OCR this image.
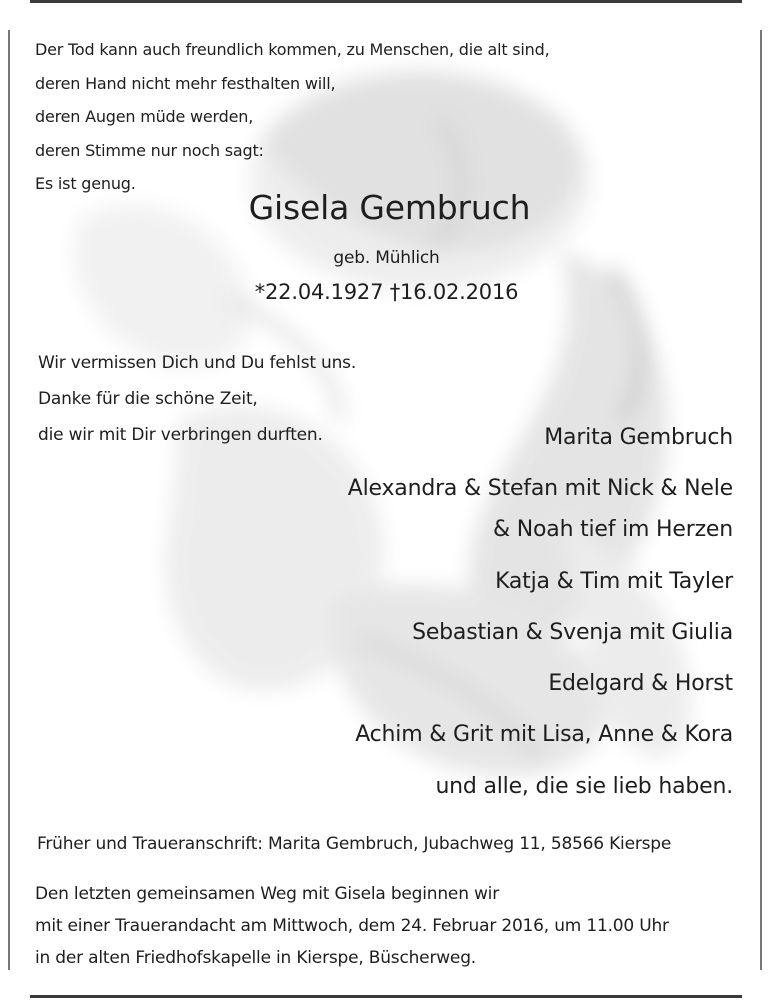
Der Tod kann auch freundlich kommen, zu Menschen, die alt sind,
deren Hand nicht mehr festhalten will,
deren Augen müde werden,
deren Stimme nur noch sagt:
Es ist genug.
Gisela Gembruch
geb. Mühlich
*22.04.1927 †16.02.2016
Wir vermissen Dich und Du fehlst uns.
Danke für die schöne Zeit,
die wir mit Dir verbringen durften.	Marita Gembruch
Alexandra & Stefan mit Nick & Nele
& Noah tief im Herzen
Katja & Tim mit Tayler
Sebastian & Svenja mit Giulia
Edelgard & Horst
Achim & Grit mit Lisa, Anne & Kora
und alle, die sie lieb haben.
Früher und Traueranschrift: Marita Gembruch, Jubachweg 11, 58566 Kierspe
Den letzten gemeinsamen Weg mit Gisela beginnen wir
mit einer Trauerandacht am Mittwoch, dem 24. Februar 2016, um 11.00 Uhr
in der alten Friedhofskapelle in Kierspe, Büscherweg.
